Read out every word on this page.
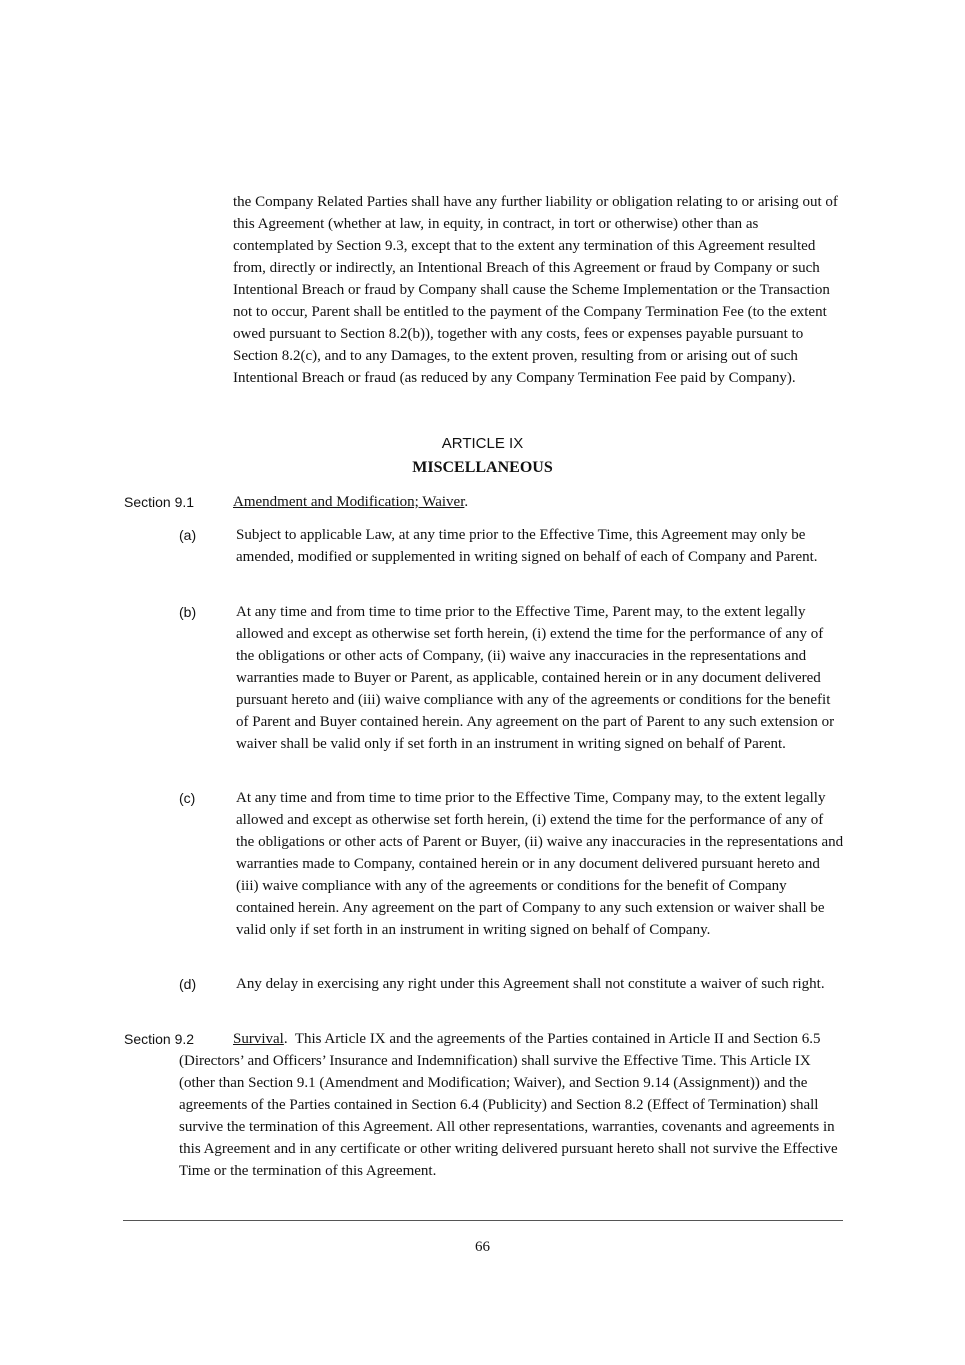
the Company Related Parties shall have any further liability or obligation relating to or arising out of this Agreement (whether at law, in equity, in contract, in tort or otherwise) other than as contemplated by Section 9.3, except that to the extent any termination of this Agreement resulted from, directly or indirectly, an Intentional Breach of this Agreement or fraud by Company or such Intentional Breach or fraud by Company shall cause the Scheme Implementation or the Transaction not to occur, Parent shall be entitled to the payment of the Company Termination Fee (to the extent owed pursuant to Section 8.2(b)), together with any costs, fees or expenses payable pursuant to Section 8.2(c), and to any Damages, to the extent proven, resulting from or arising out of such Intentional Breach or fraud (as reduced by any Company Termination Fee paid by Company).

ARTICLE IX
MISCELLANEOUS
Section 9.1	Amendment and Modification; Waiver.
(a)	Subject to applicable Law, at any time prior to the Effective Time, this Agreement may only be amended, modified or supplemented in writing signed on behalf of each of Company and Parent.

(b)	At any time and from time to time prior to the Effective Time, Parent may, to the extent legally allowed and except as otherwise set forth herein, (i) extend the time for the performance of any of the obligations or other acts of Company, (ii) waive any inaccuracies in the representations and warranties made to Buyer or Parent, as applicable, contained herein or in any document delivered pursuant hereto and (iii) waive compliance with any of the agreements or conditions for the benefit of Parent and Buyer contained herein. Any agreement on the part of Parent to any such extension or waiver shall be valid only if set forth in an instrument in writing signed on behalf of Parent.

(c)	At any time and from time to time prior to the Effective Time, Company may, to the extent legally allowed and except as otherwise set forth herein, (i) extend the time for the performance of any of the obligations or other acts of Parent or Buyer, (ii) waive any inaccuracies in the representations and warranties made to Company, contained herein or in any document delivered pursuant hereto and (iii) waive compliance with any of the agreements or conditions for the benefit of Company contained herein. Any agreement on the part of Company to any such extension or waiver shall be valid only if set forth in an instrument in writing signed on behalf of Company.

(d)	Any delay in exercising any right under this Agreement shall not constitute a waiver of such right.

Section 9.2	Survival. This Article IX and the agreements of the Parties contained in Article II and Section 6.5 (Directors’ and Officers’ Insurance and Indemnification) shall survive the Effective Time. This Article IX (other than Section 9.1 (Amendment and Modification; Waiver), and Section 9.14 (Assignment)) and the agreements of the Parties contained in Section 6.4 (Publicity) and Section 8.2 (Effect of Termination) shall survive the termination of this Agreement. All other representations, warranties, covenants and agreements in this Agreement and in any certificate or other writing delivered pursuant hereto shall not survive the Effective Time or the termination of this Agreement.

66
